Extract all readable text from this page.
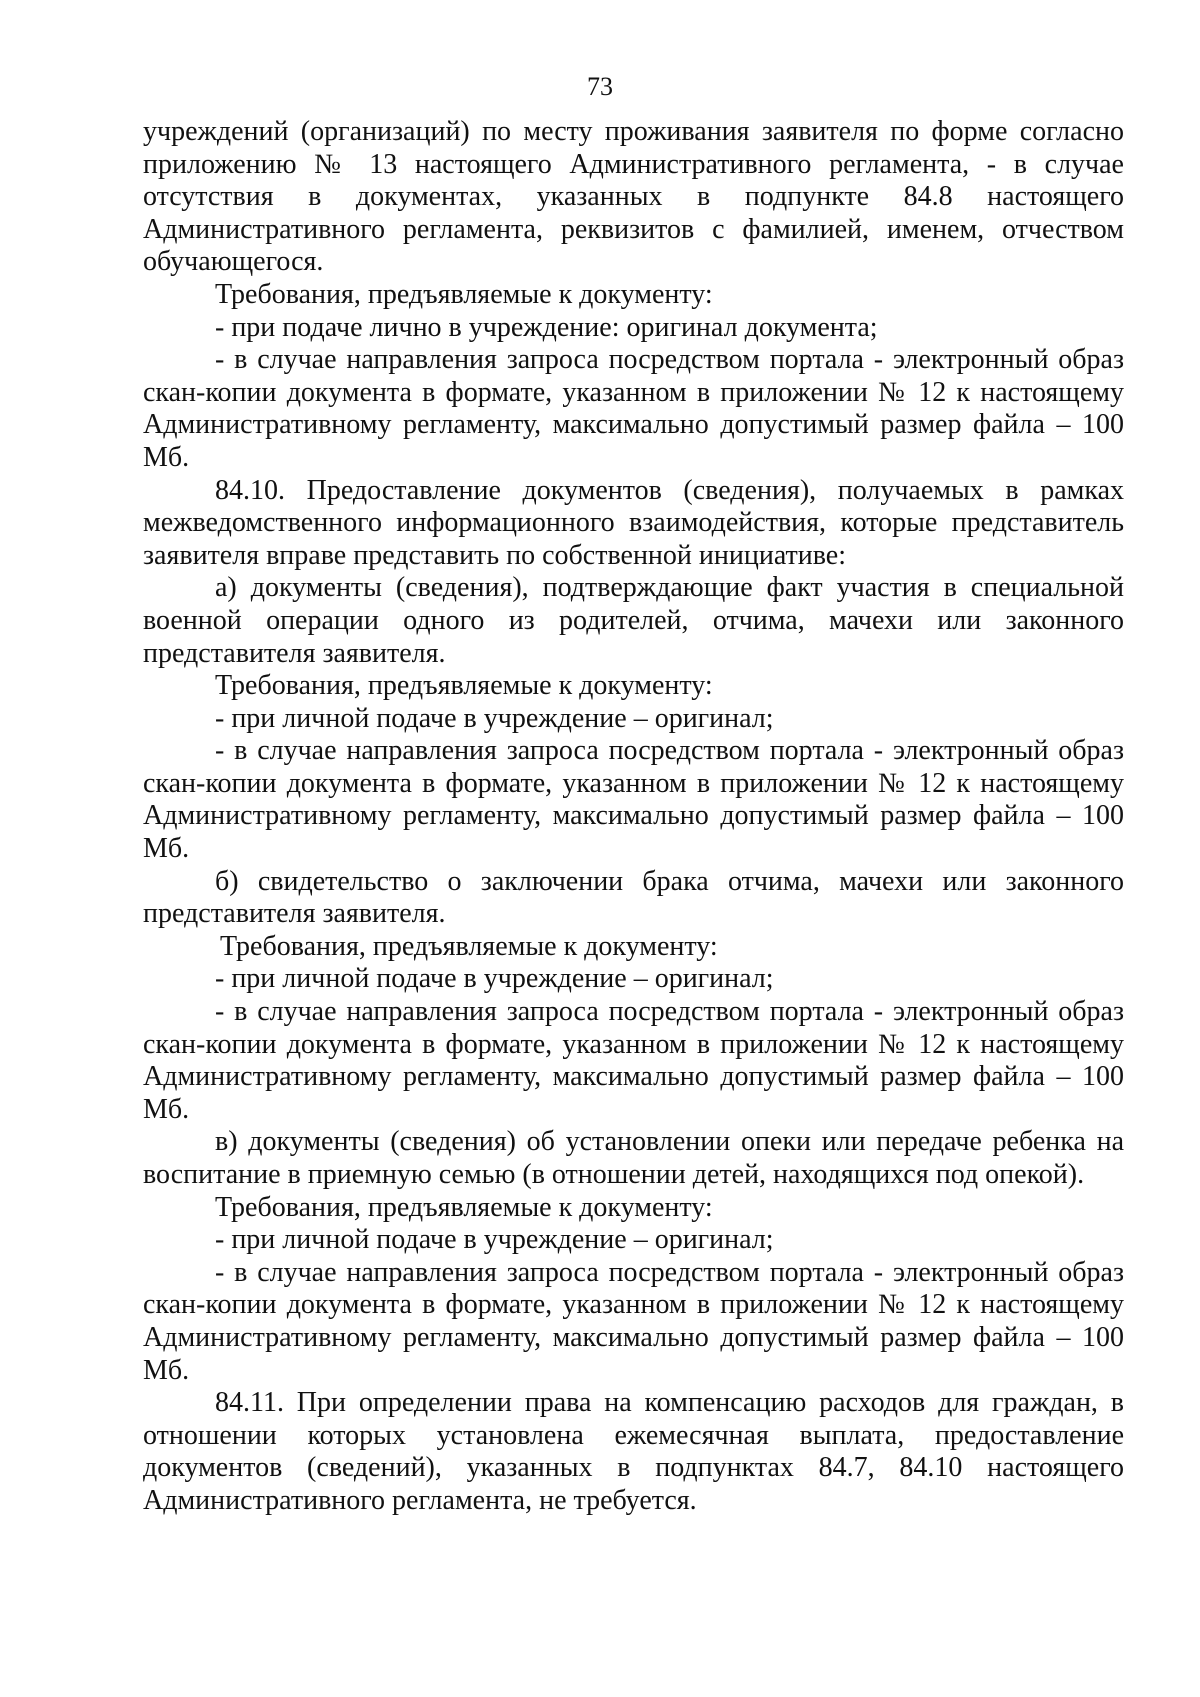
73

учреждений (организаций) по месту проживания заявителя по форме согласно приложению № 13 настоящего Административного регламента, - в случае отсутствия в документах, указанных в подпункте 84.8 настоящего Административного регламента, реквизитов с фамилией, именем, отчеством обучающегося.

Требования, предъявляемые к документу:

- при подаче лично в учреждение: оригинал документа;

- в случае направления запроса посредством портала - электронный образ скан-копии документа в формате, указанном в приложении № 12 к настоящему Административному регламенту, максимально допустимый размер файла – 100 Мб.

84.10. Предоставление документов (сведения), получаемых в рамках межведомственного информационного взаимодействия, которые представитель заявителя вправе представить по собственной инициативе:

а) документы (сведения), подтверждающие факт участия в специальной военной операции одного из родителей, отчима, мачехи или законного представителя заявителя.

Требования, предъявляемые к документу:

- при личной подаче в учреждение – оригинал;

- в случае направления запроса посредством портала - электронный образ скан-копии документа в формате, указанном в приложении № 12 к настоящему Административному регламенту, максимально допустимый размер файла – 100 Мб.

б) свидетельство о заключении брака отчима, мачехи или законного представителя заявителя.

Требования, предъявляемые к документу:

- при личной подаче в учреждение – оригинал;

- в случае направления запроса посредством портала - электронный образ скан-копии документа в формате, указанном в приложении № 12 к настоящему Административному регламенту, максимально допустимый размер файла – 100 Мб.

в) документы (сведения) об установлении опеки или передаче ребенка на воспитание в приемную семью (в отношении детей, находящихся под опекой).

Требования, предъявляемые к документу:

- при личной подаче в учреждение – оригинал;

- в случае направления запроса посредством портала - электронный образ скан-копии документа в формате, указанном в приложении № 12 к настоящему Административному регламенту, максимально допустимый размер файла – 100 Мб.

84.11. При определении права на компенсацию расходов для граждан, в отношении которых установлена ежемесячная выплата, предоставление документов (сведений), указанных в подпунктах 84.7, 84.10 настоящего Административного регламента, не требуется.
